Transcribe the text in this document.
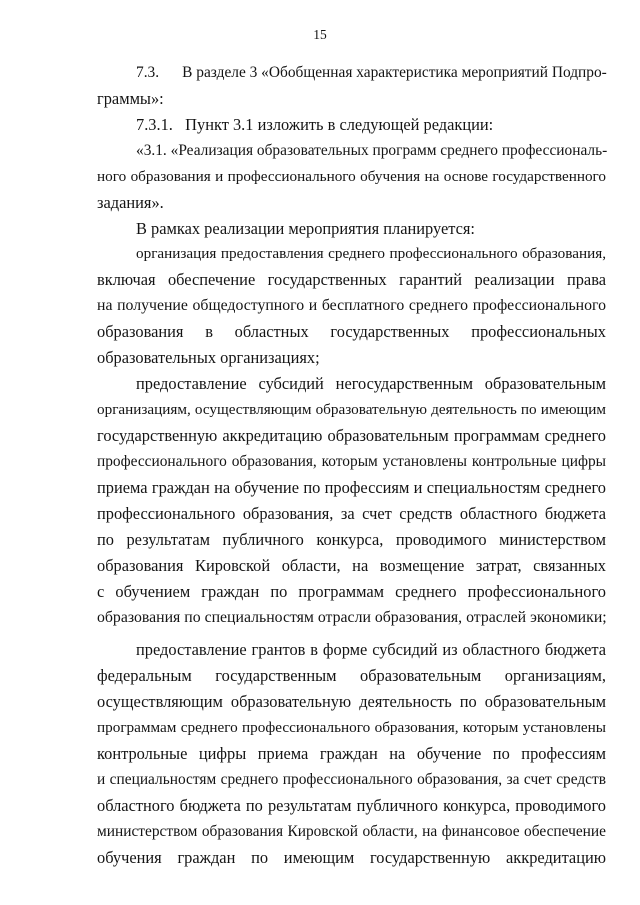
15
7.3.      В разделе 3 «Обобщенная характеристика мероприятий Подпро-
граммы»:
7.3.1.   Пункт 3.1 изложить в следующей редакции:
«3.1. «Реализация образовательных программ среднего профессиональ-
ного образования и профессионального обучения на основе государственного
задания».
В рамках реализации мероприятия планируется:
организация предоставления среднего профессионального образования,
включая обеспечение государственных гарантий реализации права
на получение общедоступного и бесплатного среднего профессионального
образования в областных государственных профессиональных
образовательных организациях;
предоставление субсидий негосударственным образовательным
организациям, осуществляющим образовательную деятельность по имеющим
государственную аккредитацию образовательным программам среднего
профессионального образования, которым установлены контрольные цифры
приема граждан на обучение по профессиям и специальностям среднего
профессионального образования, за счет средств областного бюджета
по результатам публичного конкурса, проводимого министерством
образования Кировской области, на возмещение затрат, связанных
с обучением граждан по программам среднего профессионального
образования по специальностям отрасли образования, отраслей экономики;
предоставление грантов в форме субсидий из областного бюджета
федеральным государственным образовательным организациям,
осуществляющим образовательную деятельность по образовательным
программам среднего профессионального образования, которым установлены
контрольные цифры приема граждан на обучение по профессиям
и специальностям среднего профессионального образования, за счет средств
областного бюджета по результатам публичного конкурса, проводимого
министерством образования Кировской области, на финансовое обеспечение
обучения граждан по имеющим государственную аккредитацию
